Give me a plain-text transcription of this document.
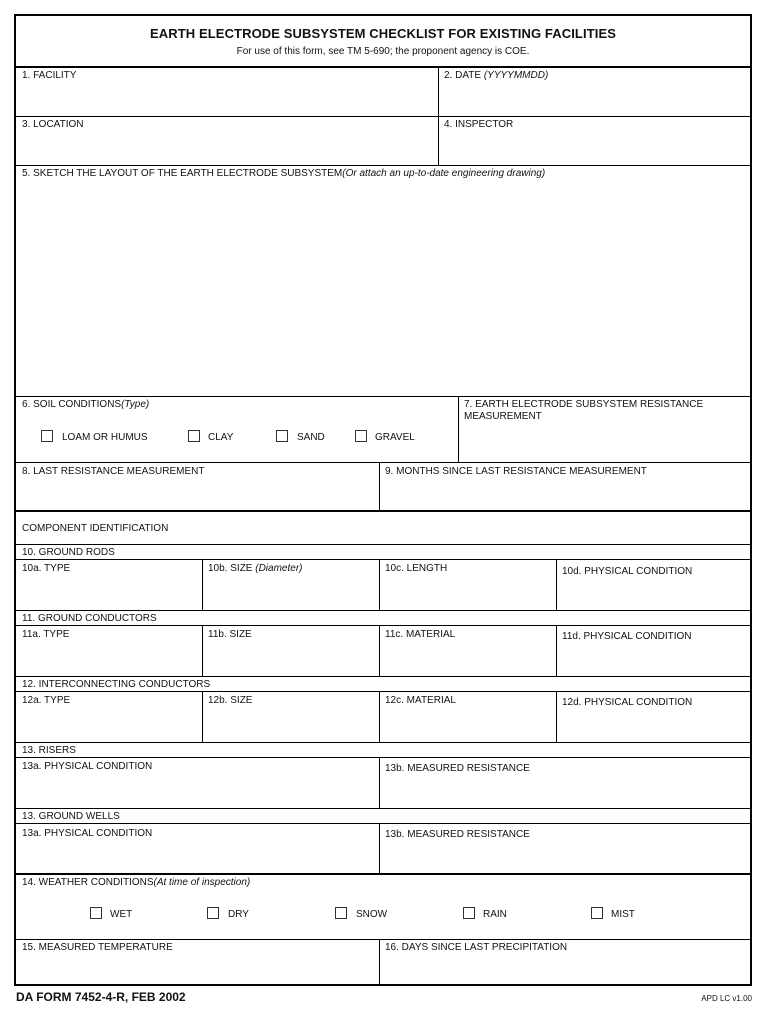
EARTH ELECTRODE SUBSYSTEM CHECKLIST FOR EXISTING FACILITIES
For use of this form, see TM 5-690; the proponent agency is COE.
1. FACILITY	2. DATE (YYYYMMDD)
3. LOCATION	4. INSPECTOR
5. SKETCH THE LAYOUT OF THE EARTH ELECTRODE SUBSYSTEM(Or attach an up-to-date engineering drawing)
6. SOIL CONDITIONS(Type)
LOAM OR HUMUS	CLAY	SAND	GRAVEL
7. EARTH ELECTRODE SUBSYSTEM RESISTANCE MEASUREMENT
8. LAST RESISTANCE MEASUREMENT	9. MONTHS SINCE LAST RESISTANCE MEASUREMENT
COMPONENT IDENTIFICATION
10. GROUND RODS
10a. TYPE	10b. SIZE (Diameter)	10c. LENGTH	10d. PHYSICAL CONDITION
11. GROUND CONDUCTORS
11a. TYPE	11b. SIZE	11c. MATERIAL	11d. PHYSICAL CONDITION
12. INTERCONNECTING CONDUCTORS
12a. TYPE	12b. SIZE	12c. MATERIAL	12d. PHYSICAL CONDITION
13. RISERS
13a. PHYSICAL CONDITION	13b. MEASURED RESISTANCE
13. GROUND WELLS
13a. PHYSICAL CONDITION	13b. MEASURED RESISTANCE
14. WEATHER CONDITIONS(At time of inspection)
WET	DRY	SNOW	RAIN	MIST
15. MEASURED TEMPERATURE	16. DAYS SINCE LAST PRECIPITATION
DA FORM 7452-4-R, FEB 2002	APD LC v1.00
